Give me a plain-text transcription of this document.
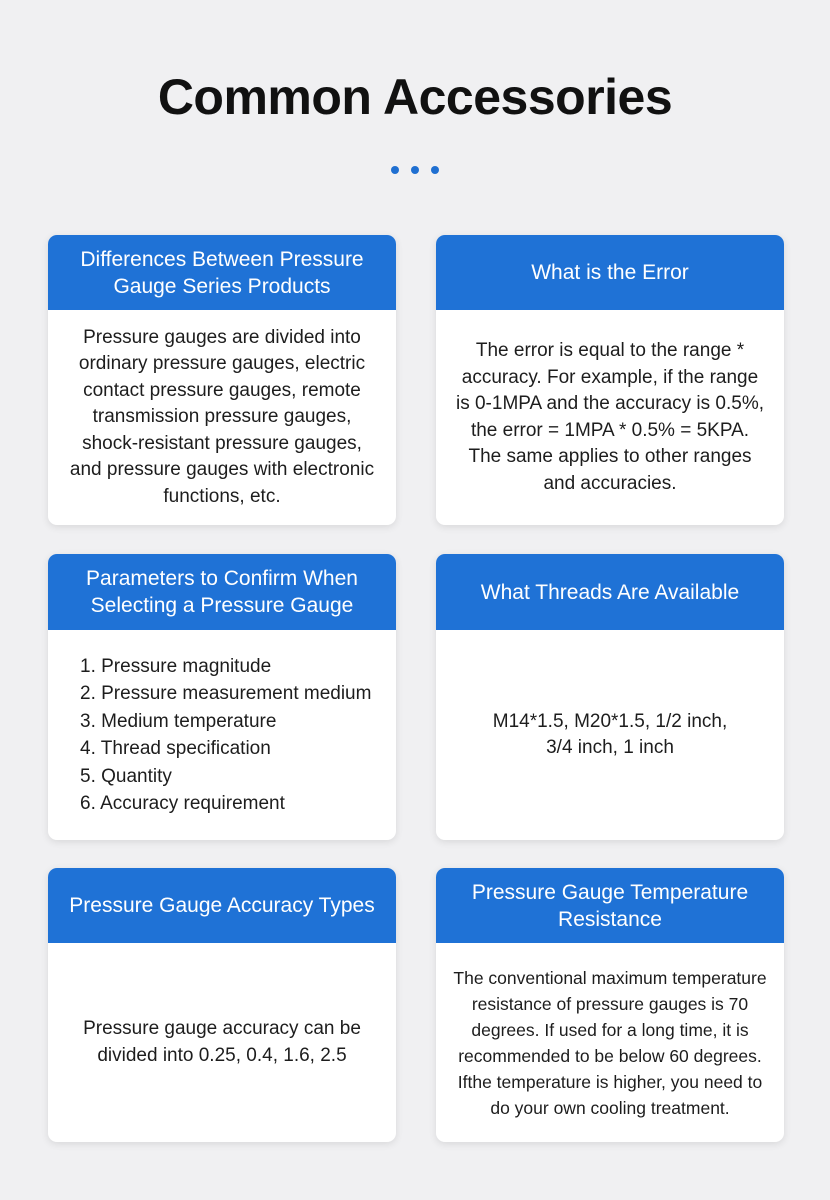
Common Accessories
Differences Between Pressure Gauge Series Products

Pressure gauges are divided into ordinary pressure gauges, electric contact pressure gauges, remote transmission pressure gauges, shock-resistant pressure gauges, and pressure gauges with electronic functions, etc.

What is the Error

The error is equal to the range * accuracy. For example, if the range is 0-1MPA and the accuracy is 0.5%, the error = 1MPA * 0.5% = 5KPA. The same applies to other ranges and accuracies.

Parameters to Confirm When Selecting a Pressure Gauge
1. Pressure magnitude
2. Pressure measurement medium
3. Medium temperature
4. Thread specification
5. Quantity
6. Accuracy requirement
What Threads Are Available

M14*1.5, M20*1.5, 1/2 inch, 3/4 inch, 1 inch

Pressure Gauge Accuracy Types

Pressure gauge accuracy can be divided into 0.25, 0.4, 1.6, 2.5

Pressure Gauge Temperature Resistance

The conventional maximum temperature resistance of pressure gauges is 70 degrees. If used for a long time, it is recommended to be below 60 degrees. Ifthe temperature is higher, you need to do your own cooling treatment.
